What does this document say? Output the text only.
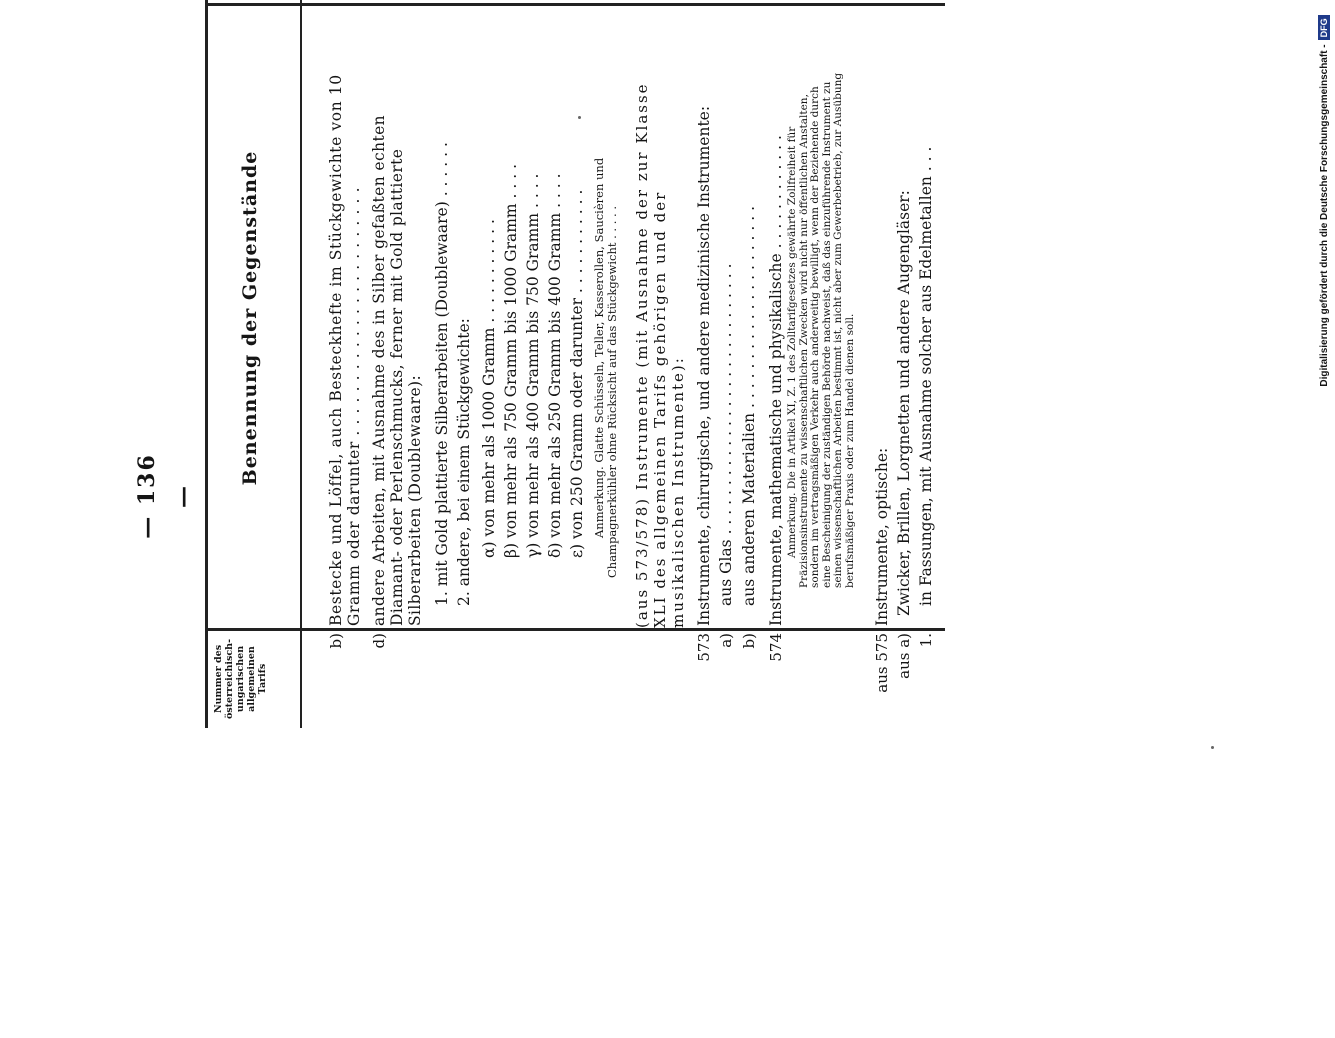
— 136 —
Digitalisierung gefördert durch die Deutsche Forschungsgemeinschaft -
DFG
Nummer des österreichisch-ungarischen allgemeinen Tarifs
Benennung der Gegenstände
b)
Bestecke und Löffel, auch Besteckhefte im Stückgewichte von 10 Gramm oder darunter . . . . . . . . . . . . . . . . . . . . . . .
d)
andere Arbeiten, mit Ausnahme des in Silber gefaßten echten Diamant- oder Perlenschmucks, ferner mit Gold plattierte Silberarbeiten (Doublewaare): 1. mit Gold plattierte Silberarbeiten (Doublewaare) . . . . . . 2. andere, bei einem Stückgewichte: α) von mehr als 1000 Gramm . . . . . . . . . . . β) von mehr als 750 Gramm bis 1000 Gramm . . . . γ) von mehr als 400 Gramm bis 750 Gramm . . . . δ) von mehr als 250 Gramm bis 400 Gramm . . . . ε) von 250 Gramm oder darunter . . . . . . . . . . . Anmerkung. Glatte Schüsseln, Teller, Kasserollen, Saucièren und Champagnerkühler ohne Rücksicht auf das Stückgewicht . . . . . (aus 573/578) Instrumente (mit Ausnahme der zur Klasse XLI des allgemeinen Tarifs gehörigen und der musikalischen Instrumente):
573
Instrumente, chirurgische, und andere medizinische Instrumente:
a)
aus Glas . . . . . . . . . . . . . . . . . . . . . . . . . . . .
b)
aus anderen Materialien . . . . . . . . . . . . . . . . . . . . .
574
Instrumente, mathematische und physikalische . . . . . . . . . . . . Anmerkung. Die in Artikel XI, Z. 1 des Zolltarifgesetzes gewährte Zollfreiheit für Präzisionsinstrumente zu wissenschaftlichen Zwecken wird nicht nur öffentlichen Anstalten, sondern im vertragsmäßigen Verkehr auch anderweitig bewilligt, wenn der Beziehende durch eine Bescheinigung der zuständigen Behörde nachweist, daß das einzuführende Instrument zu seinen wissenschaftlichen Arbeiten bestimmt ist, nicht aber zum Gewerbebetrieb, zur Ausübung berufsmäßiger Praxis oder zum Handel dienen soll.
aus 575
Instrumente, optische:
aus a)
Zwicker, Brillen, Lorgnetten und andere Augengläser:
1.
in Fassungen, mit Ausnahme solcher aus Edelmetallen . . .
